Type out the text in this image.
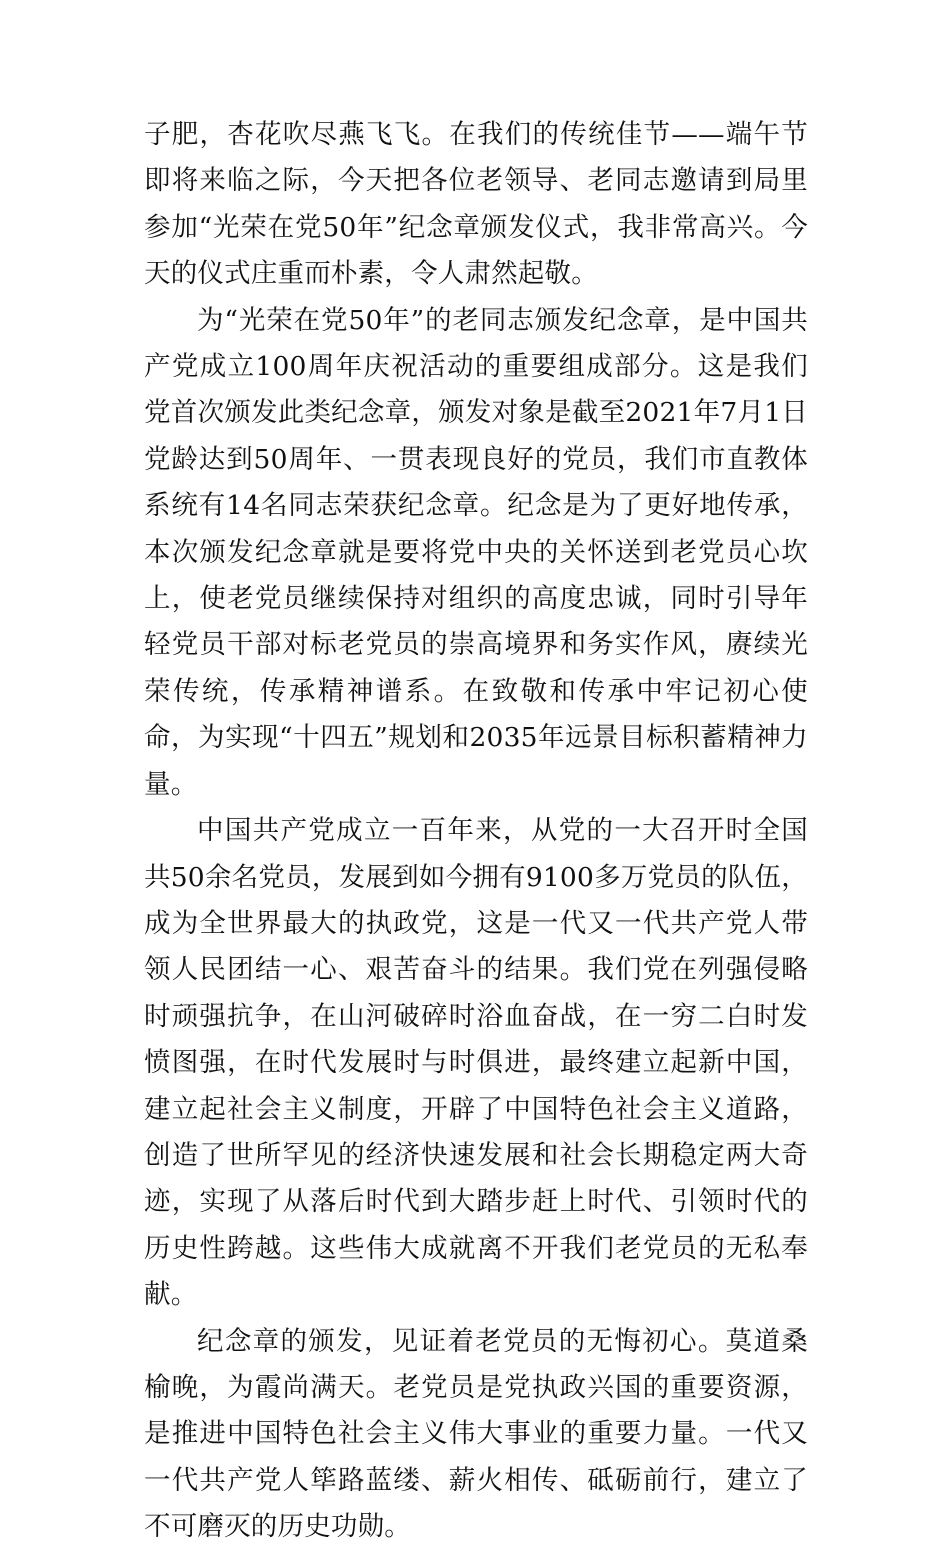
子肥，杏花吹尽燕飞飞。在我们的传统佳节——端午节即将来临之际，今天把各位老领导、老同志邀请到局里参加“光荣在党50年”纪念章颁发仪式，我非常高兴。今天的仪式庄重而朴素，令人肃然起敬。

为“光荣在党50年”的老同志颁发纪念章，是中国共产党成立100周年庆祝活动的重要组成部分。这是我们党首次颁发此类纪念章，颁发对象是截至2021年7月1日党龄达到50周年、一贯表现良好的党员，我们市直教体系统有14名同志荣获纪念章。纪念是为了更好地传承，本次颁发纪念章就是要将党中央的关怀送到老党员心坎上，使老党员继续保持对组织的高度忠诚，同时引导年轻党员干部对标老党员的崇高境界和务实作风，赓续光荣传统，传承精神谱系。在致敬和传承中牢记初心使命，为实现“十四五”规划和2035年远景目标积蓄精神力量。

中国共产党成立一百年来，从党的一大召开时全国共50余名党员，发展到如今拥有9100多万党员的队伍，成为全世界最大的执政党，这是一代又一代共产党人带领人民团结一心、艰苦奋斗的结果。我们党在列强侵略时顽强抗争，在山河破碎时浴血奋战，在一穷二白时发愤图强，在时代发展时与时俱进，最终建立起新中国，建立起社会主义制度，开辟了中国特色社会主义道路，创造了世所罕见的经济快速发展和社会长期稳定两大奇迹，实现了从落后时代到大踏步赶上时代、引领时代的历史性跨越。这些伟大成就离不开我们老党员的无私奉献。

纪念章的颁发，见证着老党员的无悔初心。莫道桑榆晚，为霞尚满天。老党员是党执政兴国的重要资源，是推进中国特色社会主义伟大事业的重要力量。一代又一代共产党人筚路蓝缕、薪火相传、砥砺前行，建立了不可磨灭的历史功勋。
